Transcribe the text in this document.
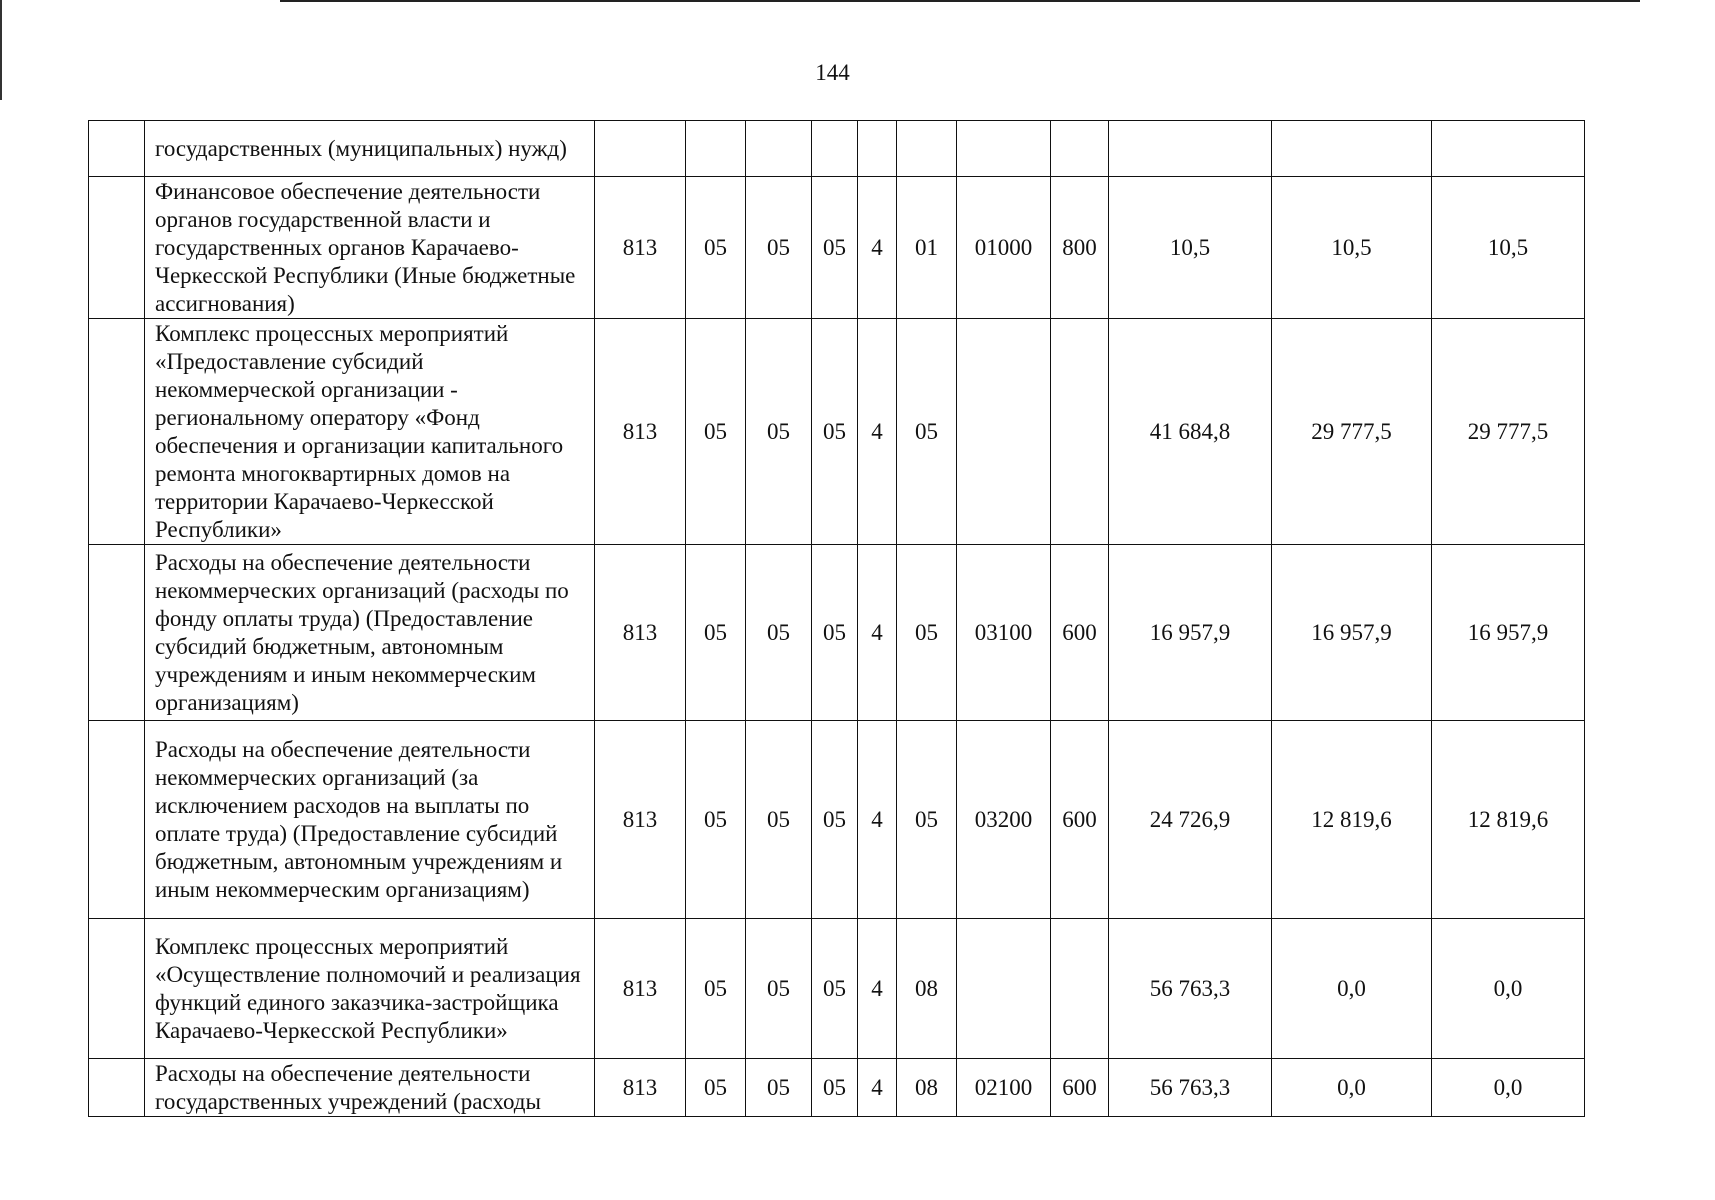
144
	государственных (муниципальных) нужд)											
	Финансовое обеспечение деятельности органов государственной власти и государственных органов Карачаево-Черкесской Республики (Иные бюджетные ассигнования)	813	05	05	05	4	01	01000	800	10,5	10,5	10,5
	Комплекс процессных мероприятий «Предоставление субсидий некоммерческой организации - региональному оператору «Фонд обеспечения и организации капитального ремонта многоквартирных домов на территории Карачаево-Черкесской Республики»	813	05	05	05	4	05			41 684,8	29 777,5	29 777,5
	Расходы на обеспечение деятельности некоммерческих организаций (расходы по фонду оплаты труда) (Предоставление субсидий бюджетным, автономным учреждениям и иным некоммерческим организациям)	813	05	05	05	4	05	03100	600	16 957,9	16 957,9	16 957,9
	Расходы на обеспечение деятельности некоммерческих организаций (за исключением расходов на выплаты по оплате труда) (Предоставление субсидий бюджетным, автономным учреждениям и иным некоммерческим организациям)	813	05	05	05	4	05	03200	600	24 726,9	12 819,6	12 819,6
	Комплекс процессных мероприятий «Осуществление полномочий и реализация функций единого заказчика-застройщика Карачаево-Черкесской Республики»	813	05	05	05	4	08			56 763,3	0,0	0,0
	Расходы на обеспечение деятельности государственных учреждений (расходы	813	05	05	05	4	08	02100	600	56 763,3	0,0	0,0
